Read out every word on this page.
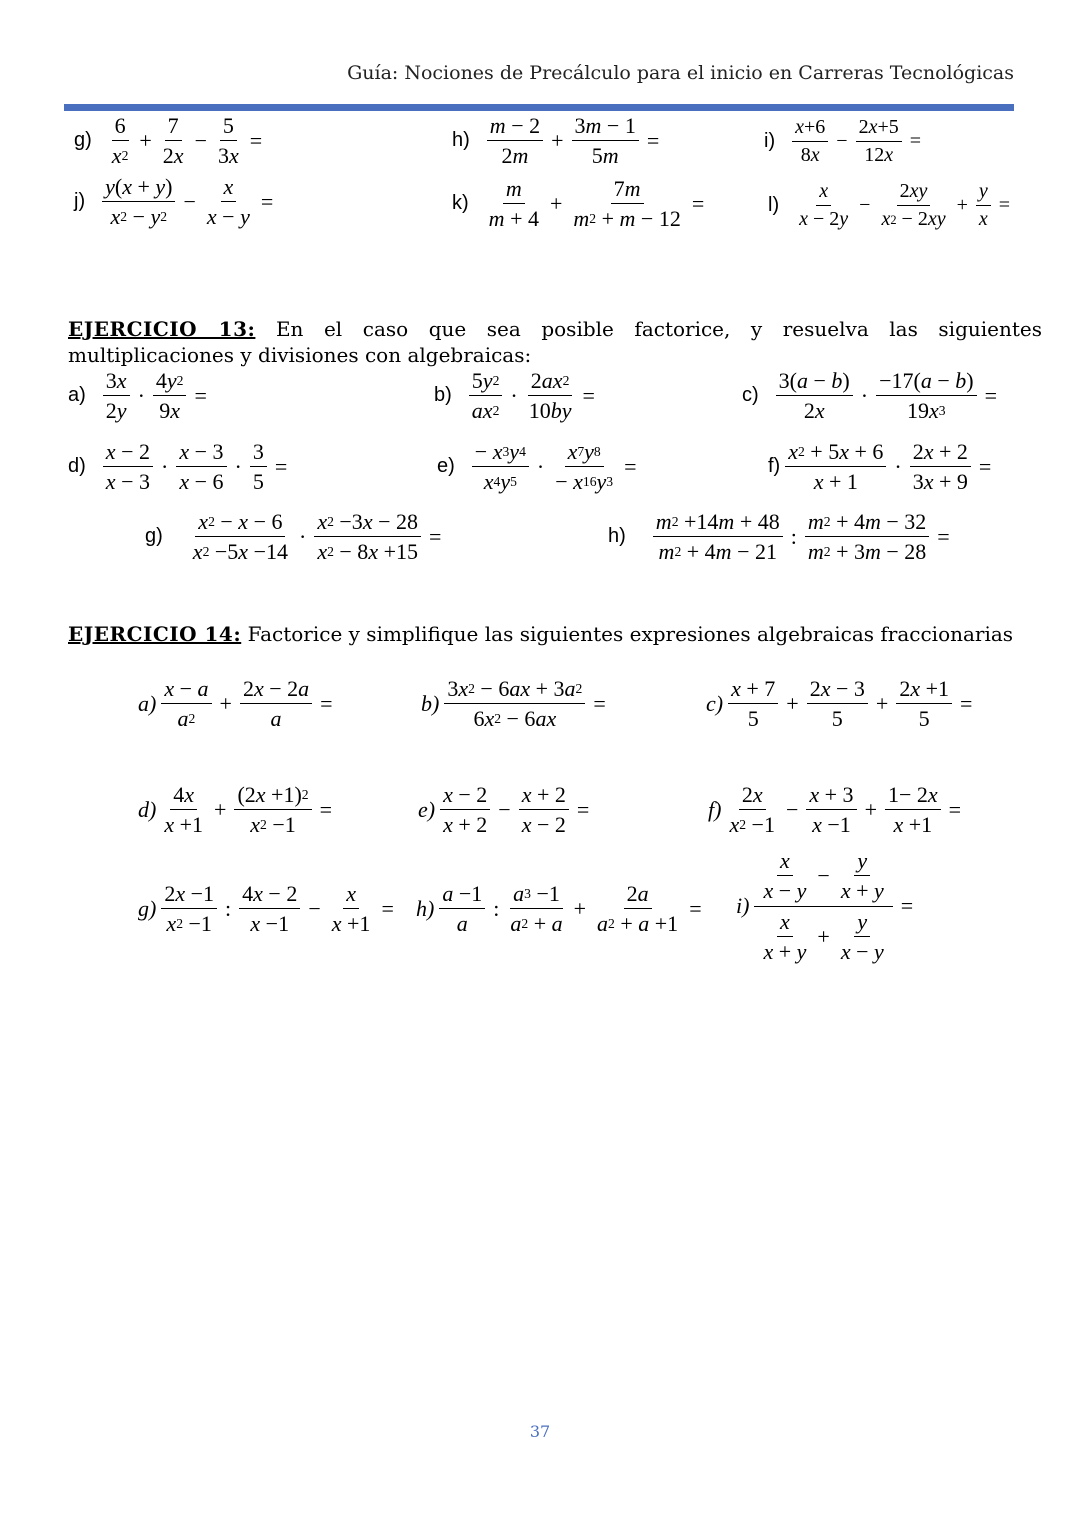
Guía: Nociones de Precálculo para el inicio en Carreras Tecnológicas
$g) \frac{6}{x 2} + \frac{7}{2 x} - \frac{5}{3 x}$ =	$h) \frac{m - 2}{2 m} + \frac{3 m - 1}{5 m}$ =	$i) \frac{x +6}{8 x} - \frac{2 x +5}{12 x}$ =
$j) \frac{y ( x + y )}{x 2 - y 2} - \frac{x}{x - y}$ =	$k) \frac{m}{m + 4} + \frac{7 m}{m 2 + m - 12}$ =	$l) \frac{x}{x - 2 y} - \frac{2 xy}{x 2 - 2 xy} + \frac{y}{x}$ =
EJERCICIO 13: En el caso que sea posible factorice, y resuelva las siguientes multiplicaciones y divisiones con algebraicas:
$a) \frac{3 x}{2 y} \cdot \frac{4 y 2}{9 x}$ =	$b) \frac{5 y 2}{ax 2} \cdot \frac{2 ax 2}{10 by}$ =	$c) \frac{3( a - b )}{2 x} \cdot \frac{-17( a - b )}{19 x 3}$ =
$d) \frac{x - 2}{x - 3} \cdot \frac{x - 3}{x - 6} \cdot \frac{3}{5}$ =	$e) \frac{- x 3 y 4}{x 4 y 5} \cdot \frac{x 7 y 8}{- x 16 y 3}$ =	$f) \frac{x 2 + 5 x + 6}{x + 1} \cdot \frac{2 x + 2}{3 x + 9}$ =
$g) \frac{x 2 - x - 6}{x 2 -5 x -14} \cdot \frac{x 2 -3 x - 28}{x 2 - 8 x +15}$ =	$h) \frac{m 2 +14 m + 48}{m 2 + 4 m - 21}$ : $\frac{m 2 + 4 m - 32}{m 2 + 3 m - 28}$ =
EJERCICIO 14: Factorice y simplifique las siguientes expresiones algebraicas fraccionarias
$a) \frac{x - a}{a 2} + \frac{2 x - 2 a}{a}$ =	$b) \frac{3 x 2 - 6 ax + 3 a 2}{6 x 2 - 6 ax}$ =	$c) \frac{x + 7}{5} + \frac{2 x - 3}{5} + \frac{2 x +1}{5}$ =
$d) \frac{4 x}{x +1} + \frac{(2 x +1) 2}{x 2 -1}$ =	$e) \frac{x - 2}{x + 2} - \frac{x + 2}{x - 2}$ =	$f) \frac{2 x}{x 2 -1} - \frac{x + 3}{x -1} + \frac{1- 2 x}{x +1}$ =
$g) \frac{2 x -1}{x 2 -1}$ : $\frac{4 x - 2}{x -1} - \frac{x}{x +1} = h) \frac{a -1}{a}$ : $\frac{a 3 -1}{a 2 + a} + \frac{2 a}{a 2 + a +1} = i) \frac{\frac{x}{x - y} - \frac{y}{x + y}}{\frac{x}{x + y} + \frac{y}{x - y}}$ =
37
